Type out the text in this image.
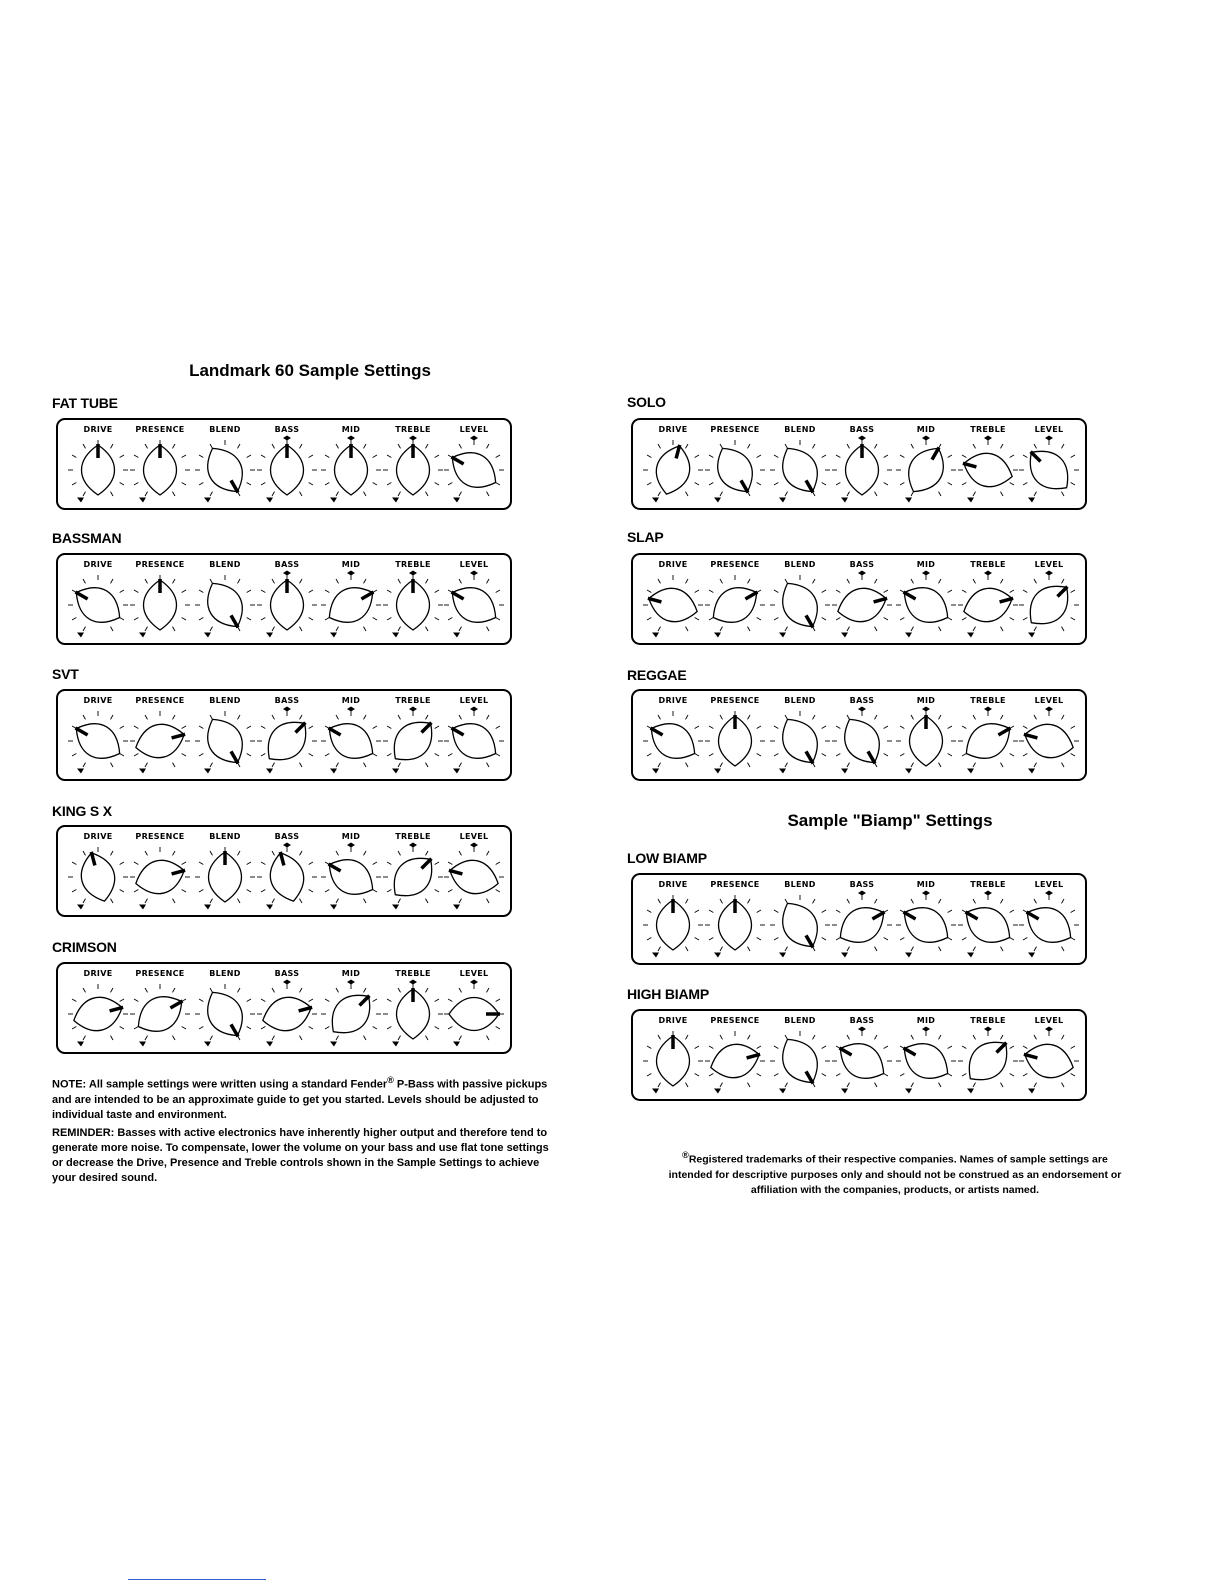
Landmark 60 Sample Settings
Sample "Biamp" Settings
FAT TUBE
BASSMAN
SVT
KING S X
CRIMSON
SOLO
SLAP
REGGAE
LOW BIAMP
HIGH BIAMP
DRIVE	PRESENCE	BLEND	BASS	MID	TREBLE	LEVEL
DRIVE	PRESENCE	BLEND	BASS	MID	TREBLE	LEVEL
DRIVE	PRESENCE	BLEND	BASS	MID	TREBLE	LEVEL
DRIVE	PRESENCE	BLEND	BASS	MID	TREBLE	LEVEL
DRIVE	PRESENCE	BLEND	BASS	MID	TREBLE	LEVEL
DRIVE	PRESENCE	BLEND	BASS	MID	TREBLE	LEVEL
DRIVE	PRESENCE	BLEND	BASS	MID	TREBLE	LEVEL
DRIVE	PRESENCE	BLEND	BASS	MID	TREBLE	LEVEL
DRIVE	PRESENCE	BLEND	BASS	MID	TREBLE	LEVEL
DRIVE	PRESENCE	BLEND	BASS	MID	TREBLE	LEVEL
NOTE: All sample settings were written using a standard Fender® P-Bass with passive pickups and are intended to be an approximate guide to get you started. Levels should be adjusted to individual taste and environment.
REMINDER: Basses with active electronics have inherently higher output and therefore tend to generate more noise. To compensate, lower the volume on your bass and use flat tone settings or decrease the Drive, Presence and Treble controls shown in the Sample Settings to achieve your desired sound.
®Registered trademarks of their respective companies. Names of sample settings are intended for descriptive purposes only and should not be construed as an endorsement or affiliation with the companies, products, or artists named.
